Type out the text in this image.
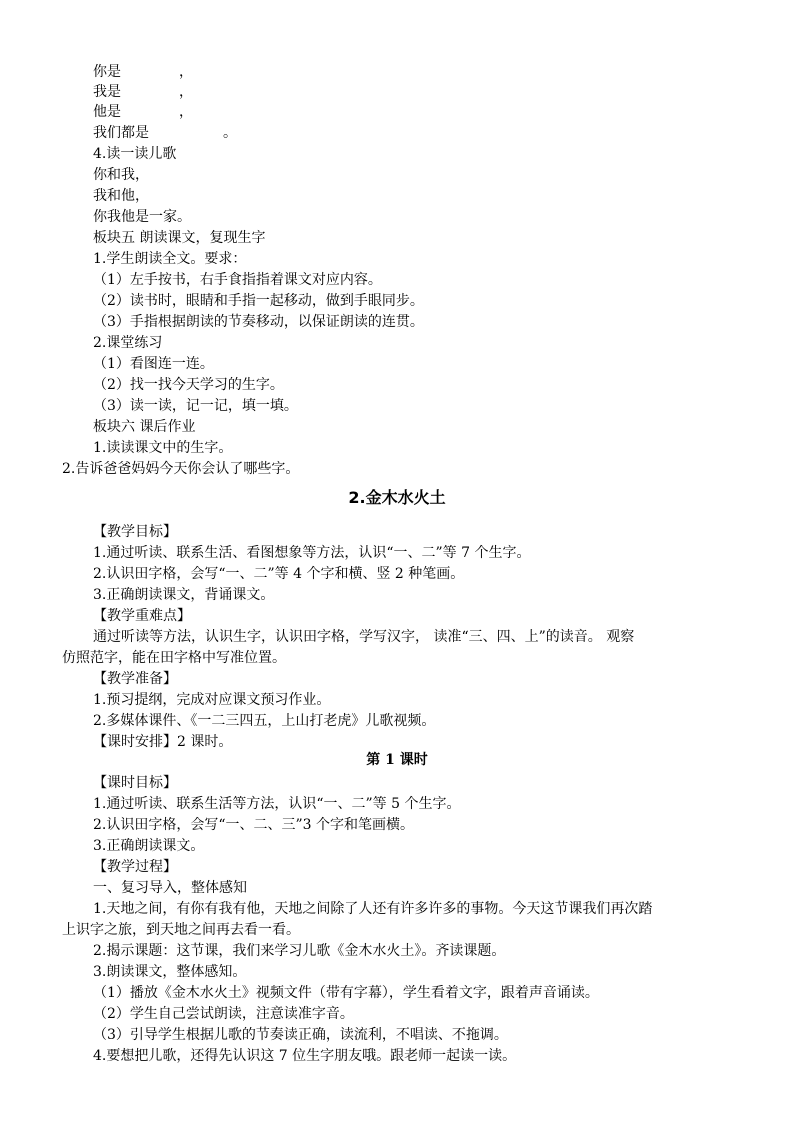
你是	，
我是	，
他是	，
我们都是	。
4.读一读儿歌
你和我，
我和他，
你我他是一家。
板块五 朗读课文，复现生字
1.学生朗读全文。要求：
（1）左手按书，右手食指指着课文对应内容。
（2）读书时，眼睛和手指一起移动，做到手眼同步。
（3）手指根据朗读的节奏移动，以保证朗读的连贯。
2.课堂练习
（1）看图连一连。
（2）找一找今天学习的生字。
（3）读一读，记一记，填一填。
板块六 课后作业
1.读读课文中的生字。
2.告诉爸爸妈妈今天你会认了哪些字。
2.金木水火土
【教学目标】
1.通过听读、联系生活、看图想象等方法，认识“一、二”等 7 个生字。
2.认识田字格，会写“一、二”等 4 个字和横、竖 2 种笔画。
3.正确朗读课文，背诵课文。
【教学重难点】
通过听读等方法，认识生字，认识田字格，学写汉字， 读准“三、四、上”的读音。 观察
仿照范字，能在田字格中写准位置。
【教学准备】
1.预习提纲，完成对应课文预习作业。
2.多媒体课件、《一二三四五，上山打老虎》儿歌视频。
【课时安排】2 课时。
第 1 课时
【课时目标】
1.通过听读、联系生活等方法，认识“一、二”等 5 个生字。
2.认识田字格，会写“一、二、三”3 个字和笔画横。
3.正确朗读课文。
【教学过程】
一、复习导入，整体感知
1.天地之间，有你有我有他，天地之间除了人还有许多许多的事物。今天这节课我们再次踏
上识字之旅，到天地之间再去看一看。
2.揭示课题：这节课，我们来学习儿歌《金木水火土》。齐读课题。
3.朗读课文，整体感知。
（1）播放《金木水火土》视频文件（带有字幕），学生看着文字，跟着声音诵读。
（2）学生自己尝试朗读，注意读准字音。
（3）引导学生根据儿歌的节奏读正确，读流利，不唱读、不拖调。
4.要想把儿歌，还得先认识这 7 位生字朋友哦。跟老师一起读一读。
